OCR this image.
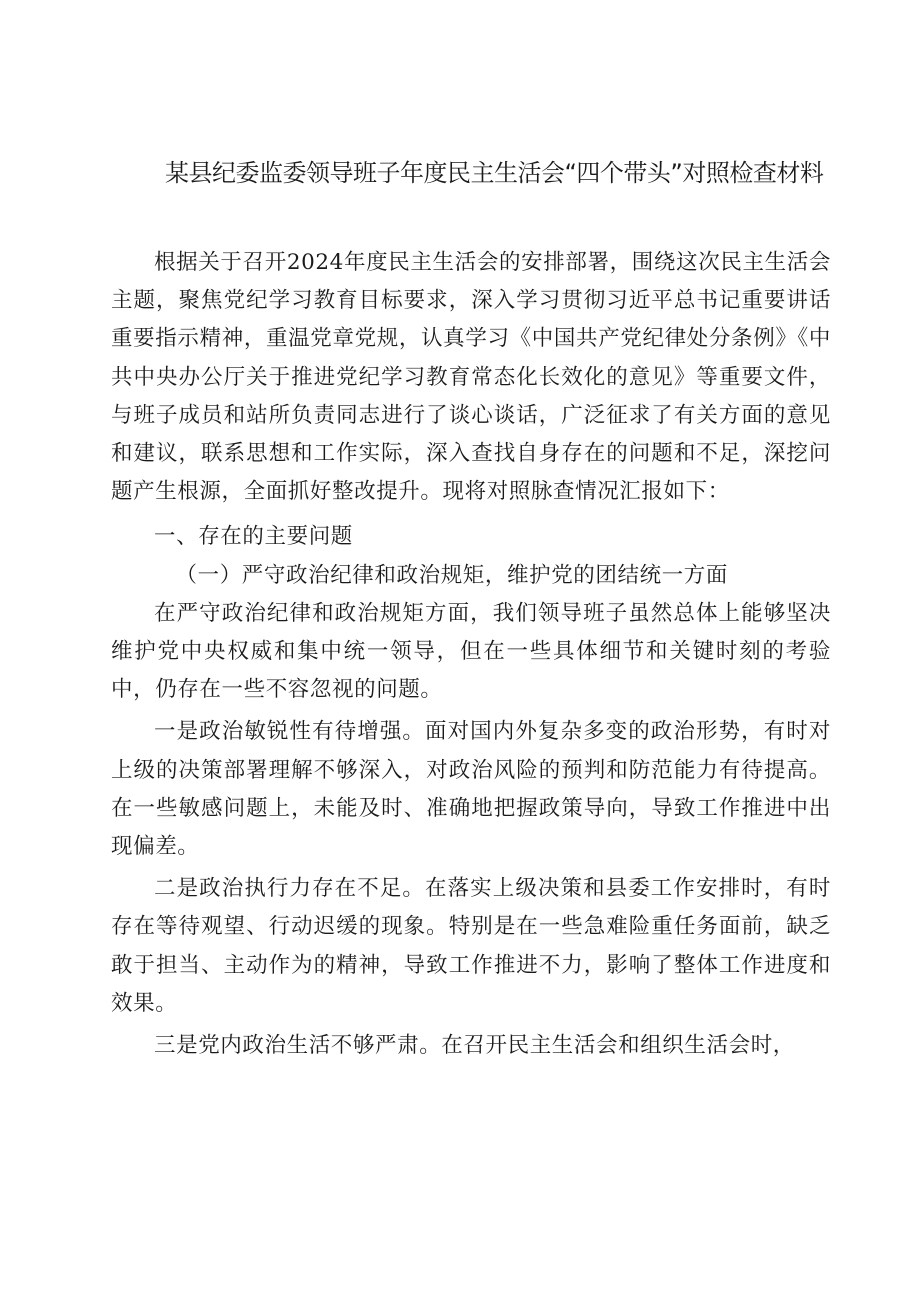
某县纪委监委领导班子年度民主生活会“四个带头”对照检查材料

根据关于召开2024年度民主生活会的安排部署，围绕这次民主生活会主题，聚焦党纪学习教育目标要求，深入学习贯彻习近平总书记重要讲话重要指示精神，重温党章党规，认真学习《中国共产党纪律处分条例》《中共中央办公厅关于推进党纪学习教育常态化长效化的意见》等重要文件，与班子成员和站所负责同志进行了谈心谈话，广泛征求了有关方面的意见和建议，联系思想和工作实际，深入查找自身存在的问题和不足，深挖问题产生根源，全面抓好整改提升。现将对照脉查情况汇报如下：

一、存在的主要问题

（一）严守政治纪律和政治规矩，维护党的团结统一方面

在严守政治纪律和政治规矩方面，我们领导班子虽然总体上能够坚决维护党中央权威和集中统一领导，但在一些具体细节和关键时刻的考验中，仍存在一些不容忽视的问题。

一是政治敏锐性有待增强。面对国内外复杂多变的政治形势，有时对上级的决策部署理解不够深入，对政治风险的预判和防范能力有待提高。在一些敏感问题上，未能及时、准确地把握政策导向，导致工作推进中出现偏差。

二是政治执行力存在不足。在落实上级决策和县委工作安排时，有时存在等待观望、行动迟缓的现象。特别是在一些急难险重任务面前，缺乏敢于担当、主动作为的精神，导致工作推进不力，影响了整体工作进度和效果。

三是党内政治生活不够严肃。在召开民主生活会和组织生活会时，
